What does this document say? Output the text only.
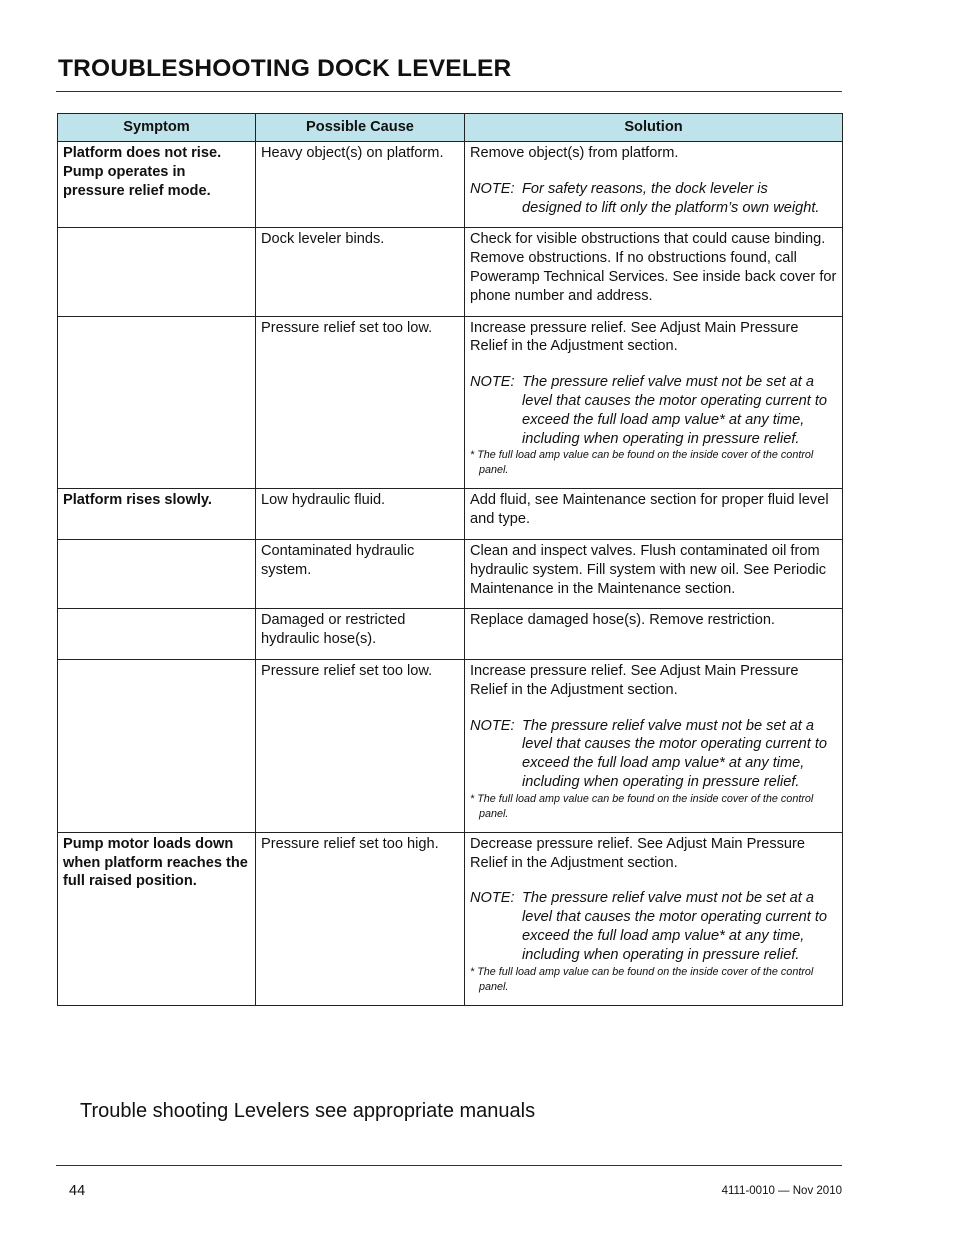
TROUBLESHOOTING DOCK LEVELER
Symptom	Possible Cause	Solution
Platform does not rise. Pump operates in pressure relief mode.	Heavy object(s) on platform.	Remove object(s) from platform.
NOTE: For safety reasons, the dock leveler is designed to lift only the platform’s own weight.

	Dock leveler binds.	Check for visible obstructions that could cause binding. Remove obstructions. If no obstructions found, call Poweramp Technical Services. See inside back cover for phone number and address.

	Pressure relief set too low.	Increase pressure relief. See Adjust Main Pressure Relief in the Adjustment section.
NOTE: The pressure relief valve must not be set at a level that causes the motor operating current to exceed the full load amp value* at any time, including when operating in pressure relief.
* The full load amp value can be found on the inside cover of the control panel.

Platform rises slowly.	Low hydraulic fluid.	Add fluid, see Maintenance section for proper fluid level and type.

	Contaminated hydraulic system.	Clean and inspect valves. Flush contaminated oil from hydraulic system. Fill system with new oil. See Periodic Maintenance in the Maintenance section.

	Damaged or restricted hydraulic hose(s).	Replace damaged hose(s). Remove restriction.

	Pressure relief set too low.	Increase pressure relief. See Adjust Main Pressure Relief in the Adjustment section.
NOTE: The pressure relief valve must not be set at a level that causes the motor operating current to exceed the full load amp value* at any time, including when operating in pressure relief.
* The full load amp value can be found on the inside cover of the control panel.

Pump motor loads down when platform reaches the full raised position.	Pressure relief set too high.	Decrease pressure relief. See Adjust Main Pressure Relief in the Adjustment section.
NOTE: The pressure relief valve must not be set at a level that causes the motor operating current to exceed the full load amp value* at any time, including when operating in pressure relief.
* The full load amp value can be found on the inside cover of the control panel.
Trouble shooting Levelers see appropriate manuals
44	4111-0010 — Nov 2010
